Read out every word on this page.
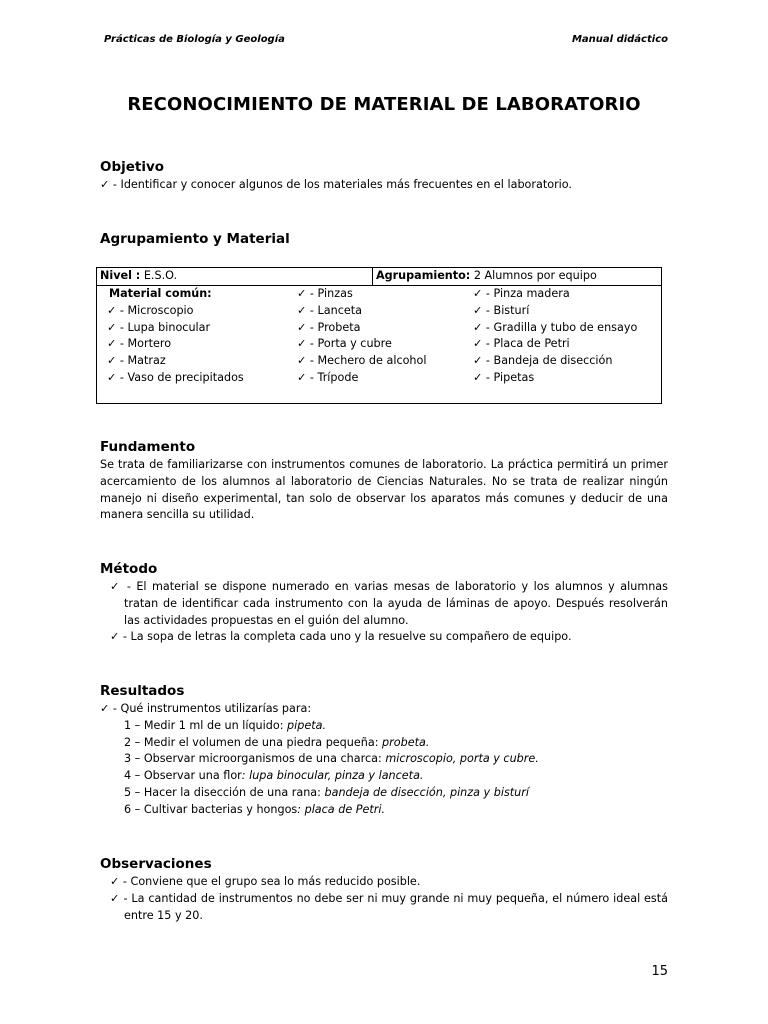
Prácticas de Biología y Geología	Manual didáctico
RECONOCIMIENTO DE MATERIAL DE LABORATORIO
Objetivo

✓ - Identificar y conocer algunos de los materiales más frecuentes en el laboratorio.

Agrupamiento y Material
Nivel : E.S.O.	Agrupamiento: 2 Alumnos por equipo
Material común:
✓ - Microscopio
✓ - Lupa binocular
✓ - Mortero
✓ - Matraz
✓ - Vaso de precipitados
✓ - Pinzas
✓ - Lanceta
✓ - Probeta
✓ - Porta y cubre
✓ - Mechero de alcohol
✓ - Trípode
✓ - Pinza madera
✓ - Bisturí
✓ - Gradilla y tubo de ensayo
✓ - Placa de Petri
✓ - Bandeja de disección
✓ - Pipetas
Fundamento

Se trata de familiarizarse con instrumentos comunes de laboratorio. La práctica permitirá un primer acercamiento de los alumnos al laboratorio de Ciencias Naturales. No se trata de realizar ningún manejo ni diseño experimental, tan solo de observar los aparatos más comunes y deducir de una manera sencilla su utilidad.

Método

✓ - El material se dispone numerado en varias mesas de laboratorio y los alumnos y alumnas tratan de identificar cada instrumento con la ayuda de láminas de apoyo. Después resolverán las actividades propuestas en el guión del alumno.

✓ - La sopa de letras la completa cada uno y la resuelve su compañero de equipo.

Resultados

✓ - Qué instrumentos utilizarías para:

1 – Medir 1 ml de un líquido: pipeta.

2 – Medir el volumen de una piedra pequeña: probeta.

3 – Observar microorganismos de una charca: microscopio, porta y cubre.

4 – Observar una flor: lupa binocular, pinza y lanceta.

5 – Hacer la disección de una rana: bandeja de disección, pinza y bisturí

6 – Cultivar bacterias y hongos: placa de Petri.

Observaciones

✓ - Conviene que el grupo sea lo más reducido posible.

✓ - La cantidad de instrumentos no debe ser ni muy grande ni muy pequeña, el número ideal está entre 15 y 20.

15
